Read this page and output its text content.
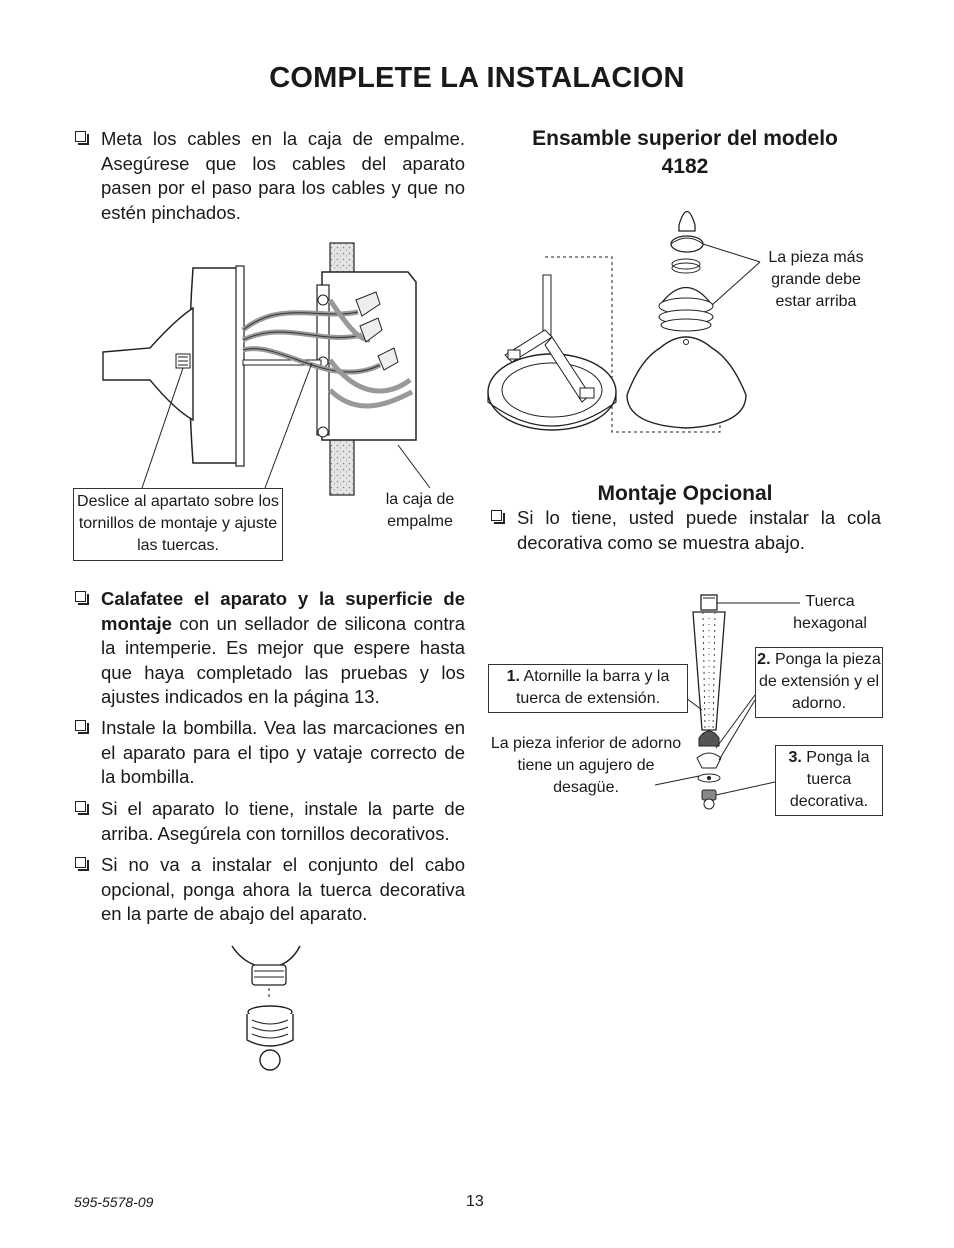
COMPLETE LA INSTALACION
Meta los cables en la caja de empalme. Asegúrese que los cables del aparato pasen por el paso para los cables y que no estén pinchados.
Deslice al apartato sobre los tornillos de montaje y ajuste las tuercas.
la caja de empalme
Calafatee el aparato y la superficie de montaje con un sellador de silicona contra la intemperie. Es mejor que espere hasta que haya completado las pruebas y los ajustes indicados en la página 13.
Instale la bombilla. Vea las marcaciones en el aparato para el tipo y vataje correcto de la bombilla.
Si el aparato lo tiene, instale la parte de arriba. Asegúrela con tornillos decorativos.
Si no va a instalar el conjunto del cabo opcional, ponga ahora la tuerca decorativa en la parte de abajo del aparato.
Ensamble superior del modelo 4182
La pieza más grande debe estar arriba
Montaje Opcional
Si lo tiene, usted puede instalar la cola decorativa como se muestra abajo.
Tuerca hexagonal
1. Atornille la barra y la tuerca de extensión.
2. Ponga la pieza de extensión y el adorno.
3. Ponga la tuerca decorativa.
La pieza inferior de adorno tiene un agujero de desagüe.
595-5578-09	13
